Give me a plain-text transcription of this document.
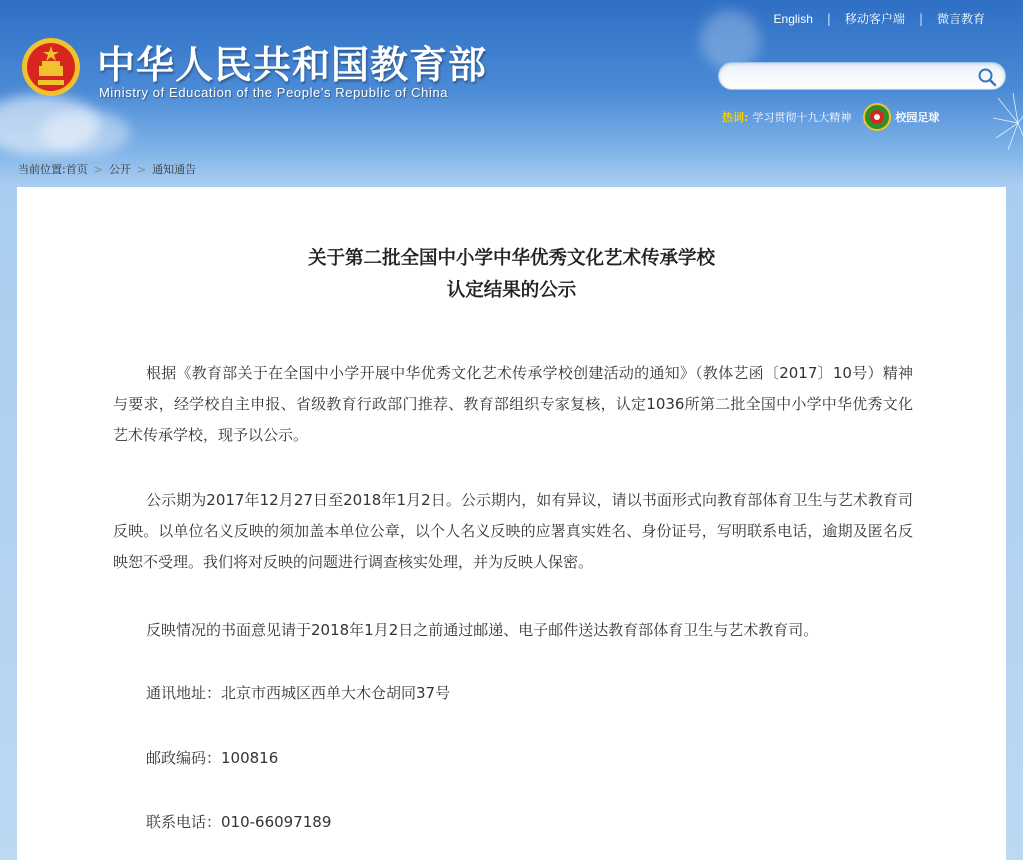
中华人民共和国教育部
Ministry of Education of the People's Republic of China
English | 移动客户端 | 微言教育
热词: 学习贯彻十九大精神	校园足球
当前位置: 首页 > 公开 > 通知通告
关于第二批全国中小学中华优秀文化艺术传承学校
认定结果的公示

根据《教育部关于在全国中小学开展中华优秀文化艺术传承学校创建活动的通知》（教体艺函〔2017〕10号）精神与要求，经学校自主申报、省级教育行政部门推荐、教育部组织专家复核，认定1036所第二批全国中小学中华优秀文化艺术传承学校，现予以公示。

公示期为2017年12月27日至2018年1月2日。公示期内，如有异议，请以书面形式向教育部体育卫生与艺术教育司反映。以单位名义反映的须加盖本单位公章，以个人名义反映的应署真实姓名、身份证号，写明联系电话，逾期及匿名反映恕不受理。我们将对反映的问题进行调查核实处理，并为反映人保密。

反映情况的书面意见请于2018年1月2日之前通过邮递、电子邮件送达教育部体育卫生与艺术教育司。

通讯地址：北京市西城区西单大木仓胡同37号

邮政编码：100816

联系电话：010-66097189
